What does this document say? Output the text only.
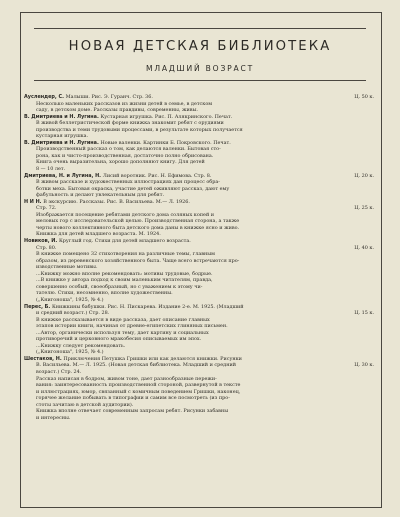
НОВАЯ ДЕТСКАЯ БИБЛИОТЕКА
МЛАДШИЙ ВОЗРАСТ
Ауслендер, С. Малыши. Рис. Э. Гуранч. Стр. 36.	Ц. 50 к.
Несколько маленьких рассказов из жизни детей в семье, в детском
саду, в детском доме. Рассказы правдивы, современны, живы.
В. Дмитриева и Н. Лугина. Кустарная игрушка. Рис. П. Алякринского. Печат.
В живой беллетристической форме книжка знакомит ребят с орудиями
производства и теми трудовыми процессами, в результате которых получается
кустарная игрушка.
В. Дмитриева и Н. Лугина. Новые валенки. Картинки Б. Покровского. Печат.
Производственный рассказ о том, как делаются валенки. Бытовая сто-
рона, как и чисто-производственная, достаточно полно обрисована.
Книга очень выразительна, хорошо дополняют книгу. Для детей
8 — 10 лет.
Дмитриева, Н. и Лугина, Н. Лисий воротник. Рис. Н. Ефимова. Стр. 8.	Ц. 20 к.
В живом рассказе и художественных иллюстрациях дан процесс обра-
ботки меха. Бытовая окраска, участие детей оживляют рассказ, дают ему
фабульность и делают увлекательным для ребят.
Н И Н. В экскурсию. Рассказы. Рис. В. Васильева. М.— Л. 1926.
Стр. 72.	Ц. 25 к.
Изображается посещение ребятами детского дома соляных копей и
меловых гор с исследовательской целью. Производственная сторона, а также
черты нового коллективного быта детского дома даны в книжке ясно и живо.
Книжка для детей младшего возраста. М. 1924.
Новиков, И. Круглый год. Стихи для детей младшего возраста.
Стр. 80.	Ц. 40 к.
В книжке помещено 32 стихотворения на различные темы, главным
образом, из деревенского хозяйственного быта. Чаще всего встречаются про-
изводственные мотивы.
...Книжку можно вполне рекомендовать: мотивы трудовые, бодрые.
...В книжке у автора подход к своим маленьким читателям, правда,
совершенно особый, своеобразный, но с уважением к этому чи-
тателю. Стихи, несомненно, вполне художественны.
(„Книгоноша", 1925, № 4.)
Перес, Б. Книжкины бабушки. Рис. Н. Пискарева. Издание 2-е. М. 1925. (Младший
и средний возраст.) Стр. 28.	Ц. 15 к.
В книжке рассказывается в виде рассказа, дает описание главных
этапов истории книги, начиная от древне-египетских глиняных письмен.
...Автор, органически используя тему, дает картину и социальных
противоречий и церковного мракобесия описываемых им эпох.
...Книжку следует рекомендовать.
(„Книгоноша", 1925, № 4.)
Шестаков, Н. Приключения Петушка Гришки или как делаются книжки. Рисунки
В. Васильева. М.— Л. 1925. (Новая детская библиотека. Младший и средний	Ц. 30 к.
возраст.) Стр. 24.
Рассказ написан в бодром, живом тоне, дает разнообразные пережи-
вания: заинтересованность производственной стороной, развернутой в тексте
и иллюстрациях, юмор, связанный с комичным поведением Гришки, наконец,
горячее желание побывать в типографии и самим все посмотреть (из про-
стоты зачитаю в детской аудитории).
Книжка вполне отвечает современным запросам ребят. Рисунки забавны
и интересны.
